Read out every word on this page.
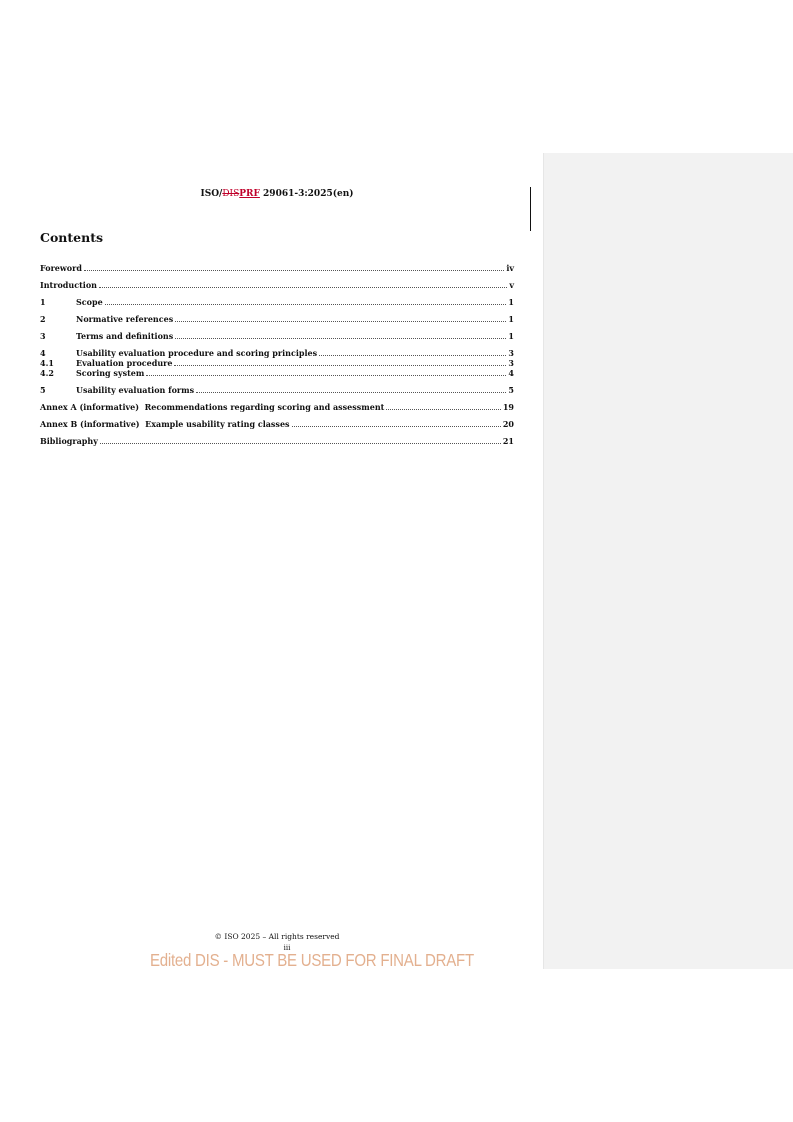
ISO/DISPRF 29061-3:2025(en)
Contents
Foreword	iv
Introduction	v
1	Scope	1
2	Normative references	1
3	Terms and definitions	1
4	Usability evaluation procedure and scoring principles	3
4.1	Evaluation procedure	3
4.2	Scoring system	4
5	Usability evaluation forms	5
Annex A (informative)  Recommendations regarding scoring and assessment	19
Annex B (informative)  Example usability rating classes	20
Bibliography	21
© ISO 2025 – All rights reserved
iii
Edited DIS - MUST BE USED FOR FINAL DRAFT
